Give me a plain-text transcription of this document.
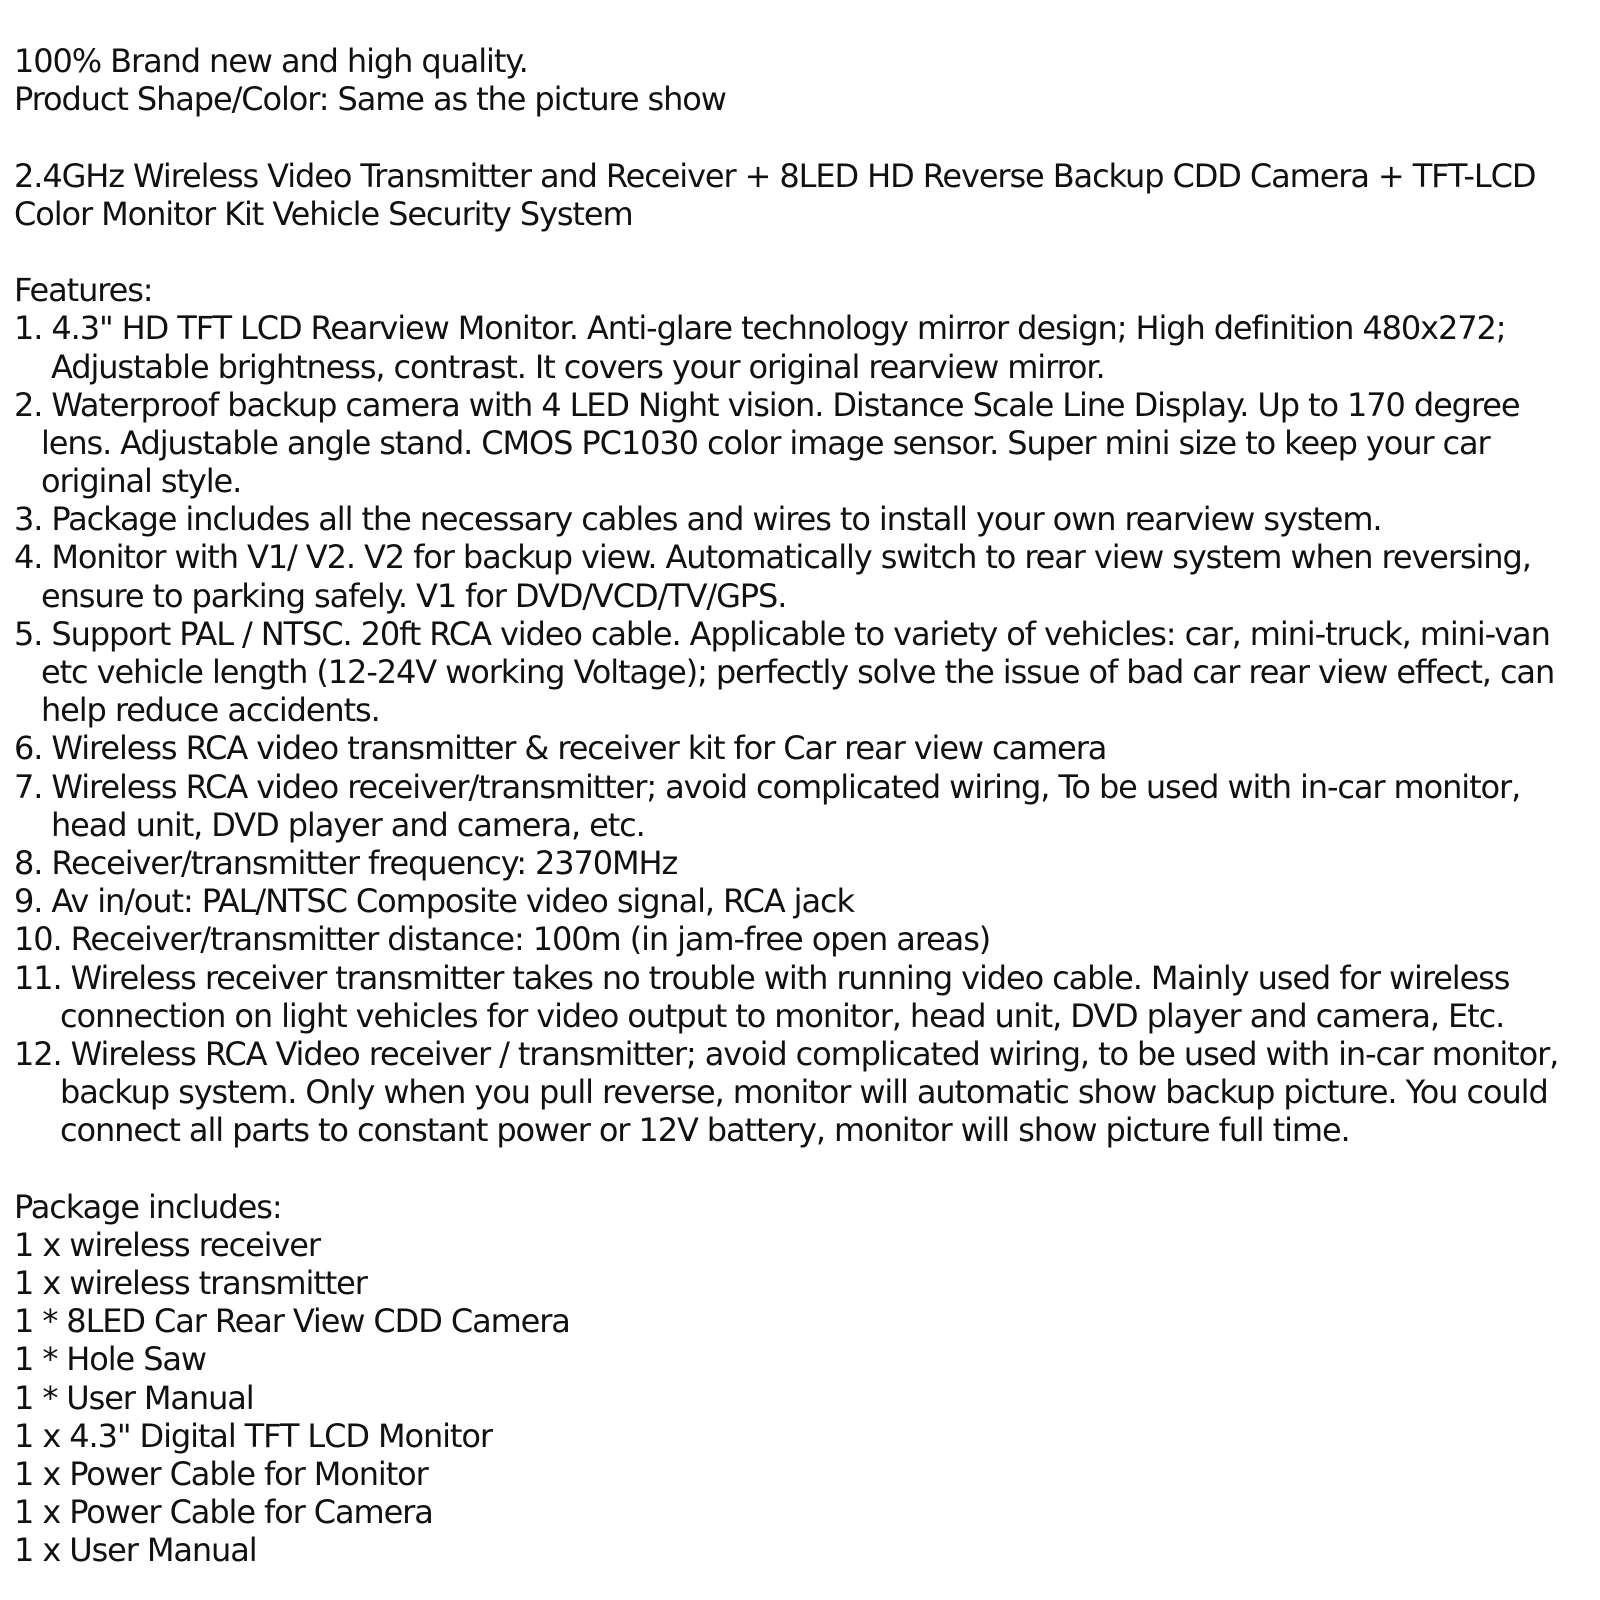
100% Brand new and high quality.
Product Shape/Color: Same as the picture show
2.4GHz Wireless Video Transmitter and Receiver + 8LED HD Reverse Backup CDD Camera + TFT-LCD
Color Monitor Kit Vehicle Security System
Features:
1. 4.3" HD TFT LCD Rearview Monitor. Anti-glare technology mirror design; High definition 480x272;
Adjustable brightness, contrast. It covers your original rearview mirror.
2. Waterproof backup camera with 4 LED Night vision. Distance Scale Line Display. Up to 170 degree
lens. Adjustable angle stand. CMOS PC1030 color image sensor. Super mini size to keep your car
original style.
3. Package includes all the necessary cables and wires to install your own rearview system.
4. Monitor with V1/ V2. V2 for backup view. Automatically switch to rear view system when reversing,
ensure to parking safely. V1 for DVD/VCD/TV/GPS.
5. Support PAL / NTSC. 20ft RCA video cable. Applicable to variety of vehicles: car, mini-truck, mini-van
etc vehicle length (12-24V working Voltage); perfectly solve the issue of bad car rear view effect, can
help reduce accidents.
6. Wireless RCA video transmitter & receiver kit for Car rear view camera
7. Wireless RCA video receiver/transmitter; avoid complicated wiring, To be used with in-car monitor,
head unit, DVD player and camera, etc.
8. Receiver/transmitter frequency: 2370MHz
9. Av in/out: PAL/NTSC Composite video signal, RCA jack
10. Receiver/transmitter distance: 100m (in jam-free open areas)
11. Wireless receiver transmitter takes no trouble with running video cable. Mainly used for wireless
connection on light vehicles for video output to monitor, head unit, DVD player and camera, Etc.
12. Wireless RCA Video receiver / transmitter; avoid complicated wiring, to be used with in-car monitor,
backup system. Only when you pull reverse, monitor will automatic show backup picture. You could
connect all parts to constant power or 12V battery, monitor will show picture full time.
Package includes:
1 x wireless receiver
1 x wireless transmitter
1 * 8LED Car Rear View CDD Camera
1 * Hole Saw
1 * User Manual
1 x 4.3" Digital TFT LCD Monitor
1 x Power Cable for Monitor
1 x Power Cable for Camera
1 x User Manual
